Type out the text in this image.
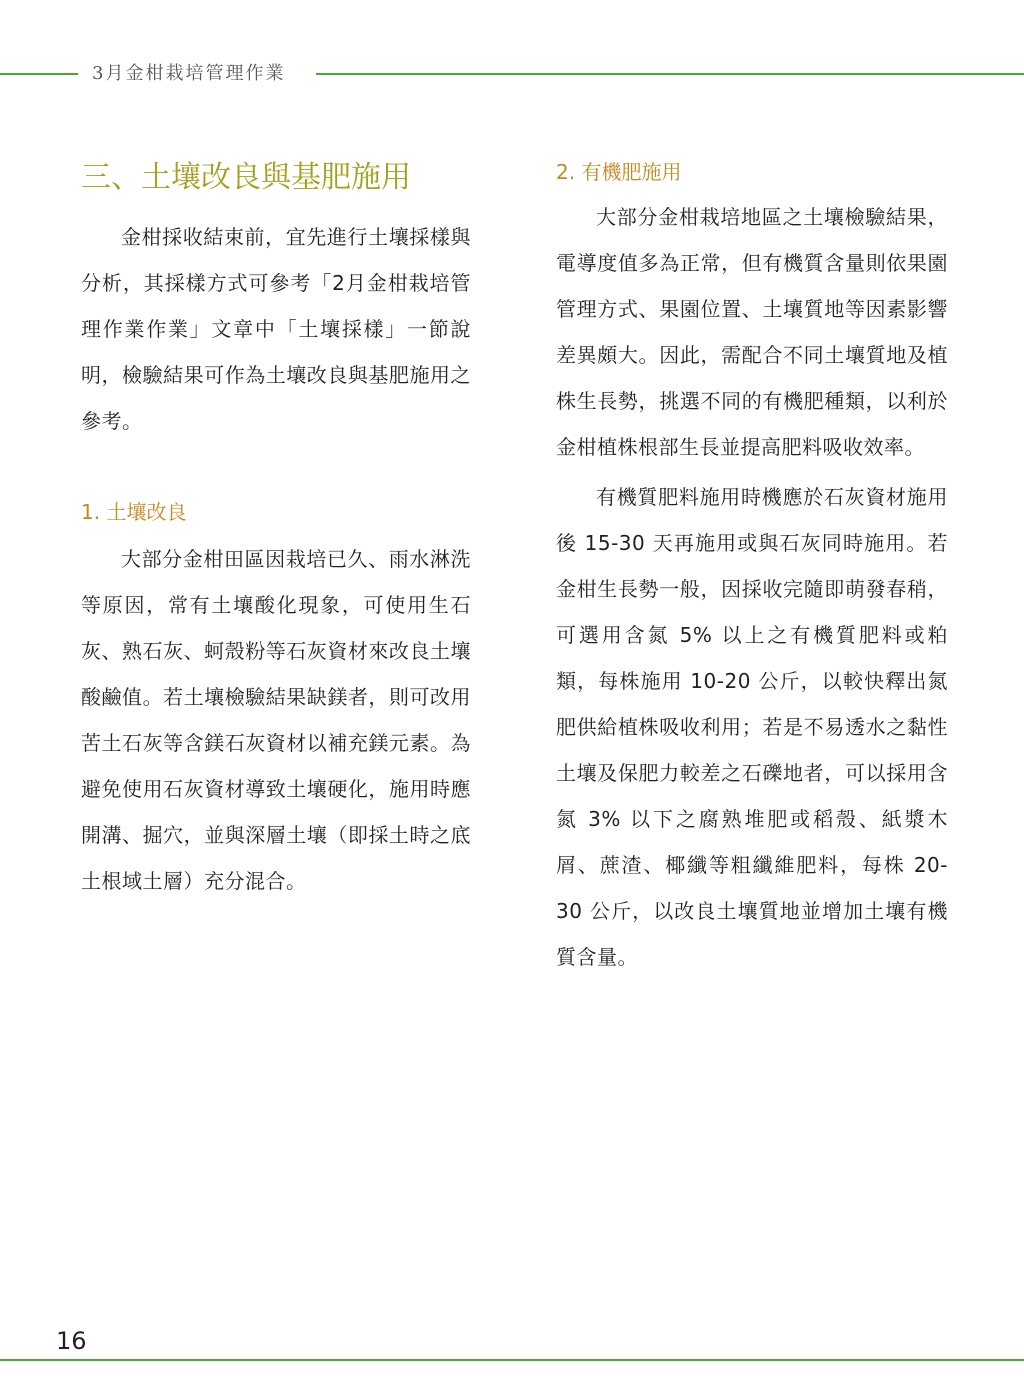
3月金柑栽培管理作業
三、土壤改良與基肥施用

金柑採收結束前，宜先進行土壤採樣與分析，其採樣方式可參考「2月金柑栽培管理作業作業」文章中「土壤採樣」一節說明，檢驗結果可作為土壤改良與基肥施用之參考。

1. 土壤改良

大部分金柑田區因栽培已久、雨水淋洗等原因，常有土壤酸化現象，可使用生石灰、熟石灰、蚵殼粉等石灰資材來改良土壤酸鹼值。若土壤檢驗結果缺鎂者，則可改用苦土石灰等含鎂石灰資材以補充鎂元素。為避免使用石灰資材導致土壤硬化，施用時應開溝、掘穴，並與深層土壤（即採土時之底土根域土層）充分混合。

2. 有機肥施用

大部分金柑栽培地區之土壤檢驗結果，電導度值多為正常，但有機質含量則依果園管理方式、果園位置、土壤質地等因素影響差異頗大。因此，需配合不同土壤質地及植株生長勢，挑選不同的有機肥種類，以利於金柑植株根部生長並提高肥料吸收效率。

有機質肥料施用時機應於石灰資材施用後 15-30 天再施用或與石灰同時施用。若金柑生長勢一般，因採收完隨即萌發春稍，可選用含氮 5% 以上之有機質肥料或粕類，每株施用 10-20 公斤，以較快釋出氮肥供給植株吸收利用；若是不易透水之黏性土壤及保肥力較差之石礫地者，可以採用含氮 3% 以下之腐熟堆肥或稻殼、紙漿木屑、蔗渣、椰纖等粗纖維肥料，每株 20-30 公斤，以改良土壤質地並增加土壤有機質含量。

16
